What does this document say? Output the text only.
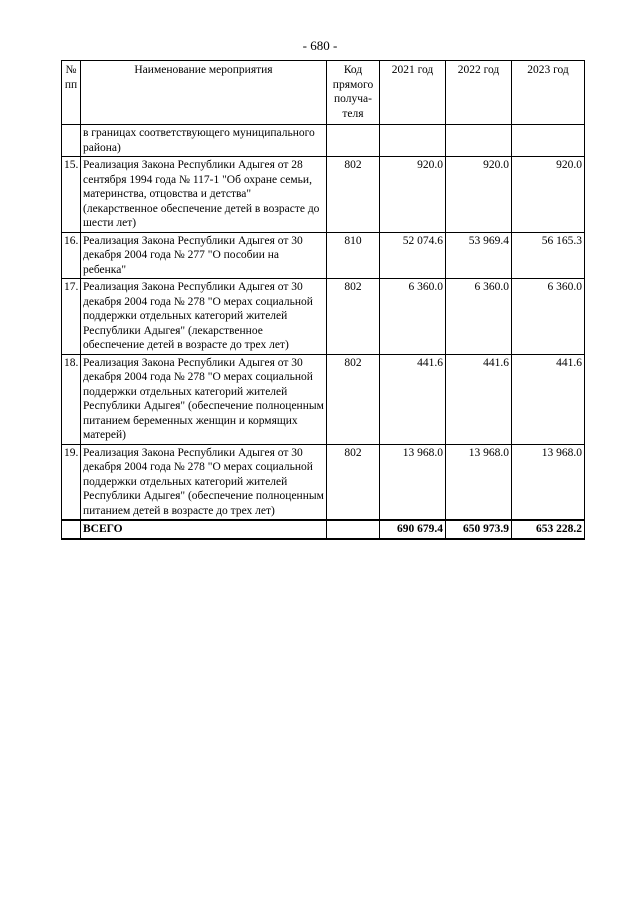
- 680 -
№ пп	Наименование мероприятия	Код прямого получа- теля	2021 год	2022 год	2023 год
	в границах соответствующего муниципального района)				
15.	Реализация Закона Республики Адыгея от 28 сентября 1994 года № 117-1 "Об охране семьи, материнства, отцовства и детства" (лекарственное обеспечение детей в возрасте до шести лет)	802	920.0	920.0	920.0
16.	Реализация Закона Республики Адыгея от 30 декабря 2004 года № 277 "О пособии на ребенка"	810	52 074.6	53 969.4	56 165.3
17.	Реализация Закона Республики Адыгея от 30 декабря 2004 года № 278 "О мерах социальной поддержки отдельных категорий жителей Республики Адыгея" (лекарственное обеспечение детей в возрасте до трех лет)	802	6 360.0	6 360.0	6 360.0
18.	Реализация Закона Республики Адыгея от 30 декабря 2004 года № 278 "О мерах социальной поддержки отдельных категорий жителей Республики Адыгея" (обеспечение полноценным питанием беременных женщин и кормящих матерей)	802	441.6	441.6	441.6
19.	Реализация Закона Республики Адыгея от 30 декабря 2004 года № 278 "О мерах социальной поддержки отдельных категорий жителей Республики Адыгея" (обеспечение полноценным питанием детей в возрасте до трех лет)	802	13 968.0	13 968.0	13 968.0
	ВСЕГО		690 679.4	650 973.9	653 228.2
